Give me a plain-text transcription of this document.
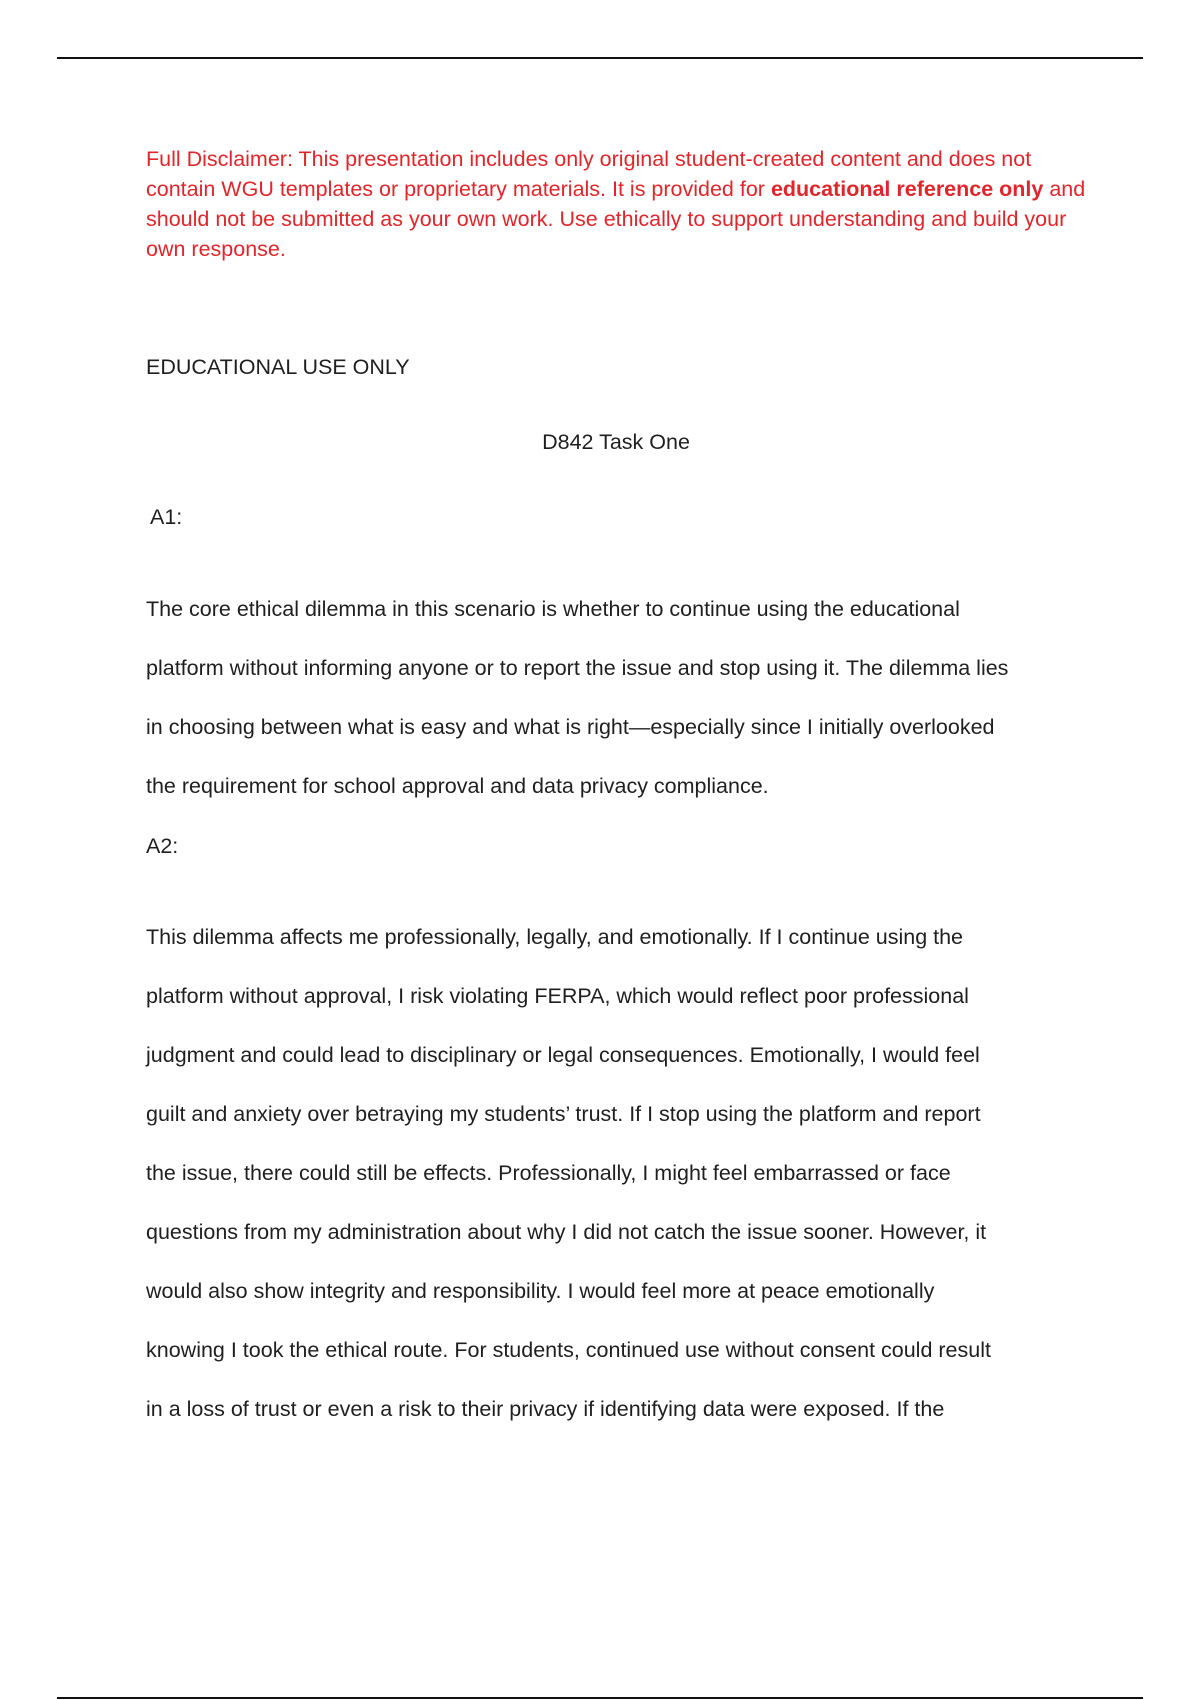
Full Disclaimer: This presentation includes only original student-created content and does not contain WGU templates or proprietary materials. It is provided for educational reference only and should not be submitted as your own work. Use ethically to support understanding and build your own response.

EDUCATIONAL USE ONLY

D842 Task One

A1:

The core ethical dilemma in this scenario is whether to continue using the educational
platform without informing anyone or to report the issue and stop using it. The dilemma lies
in choosing between what is easy and what is right—especially since I initially overlooked
the requirement for school approval and data privacy compliance.

A2:

This dilemma affects me professionally, legally, and emotionally. If I continue using the
platform without approval, I risk violating FERPA, which would reflect poor professional
judgment and could lead to disciplinary or legal consequences. Emotionally, I would feel
guilt and anxiety over betraying my students’ trust. If I stop using the platform and report
the issue, there could still be effects. Professionally, I might feel embarrassed or face
questions from my administration about why I did not catch the issue sooner. However, it
would also show integrity and responsibility. I would feel more at peace emotionally
knowing I took the ethical route. For students, continued use without consent could result
in a loss of trust or even a risk to their privacy if identifying data were exposed. If the
